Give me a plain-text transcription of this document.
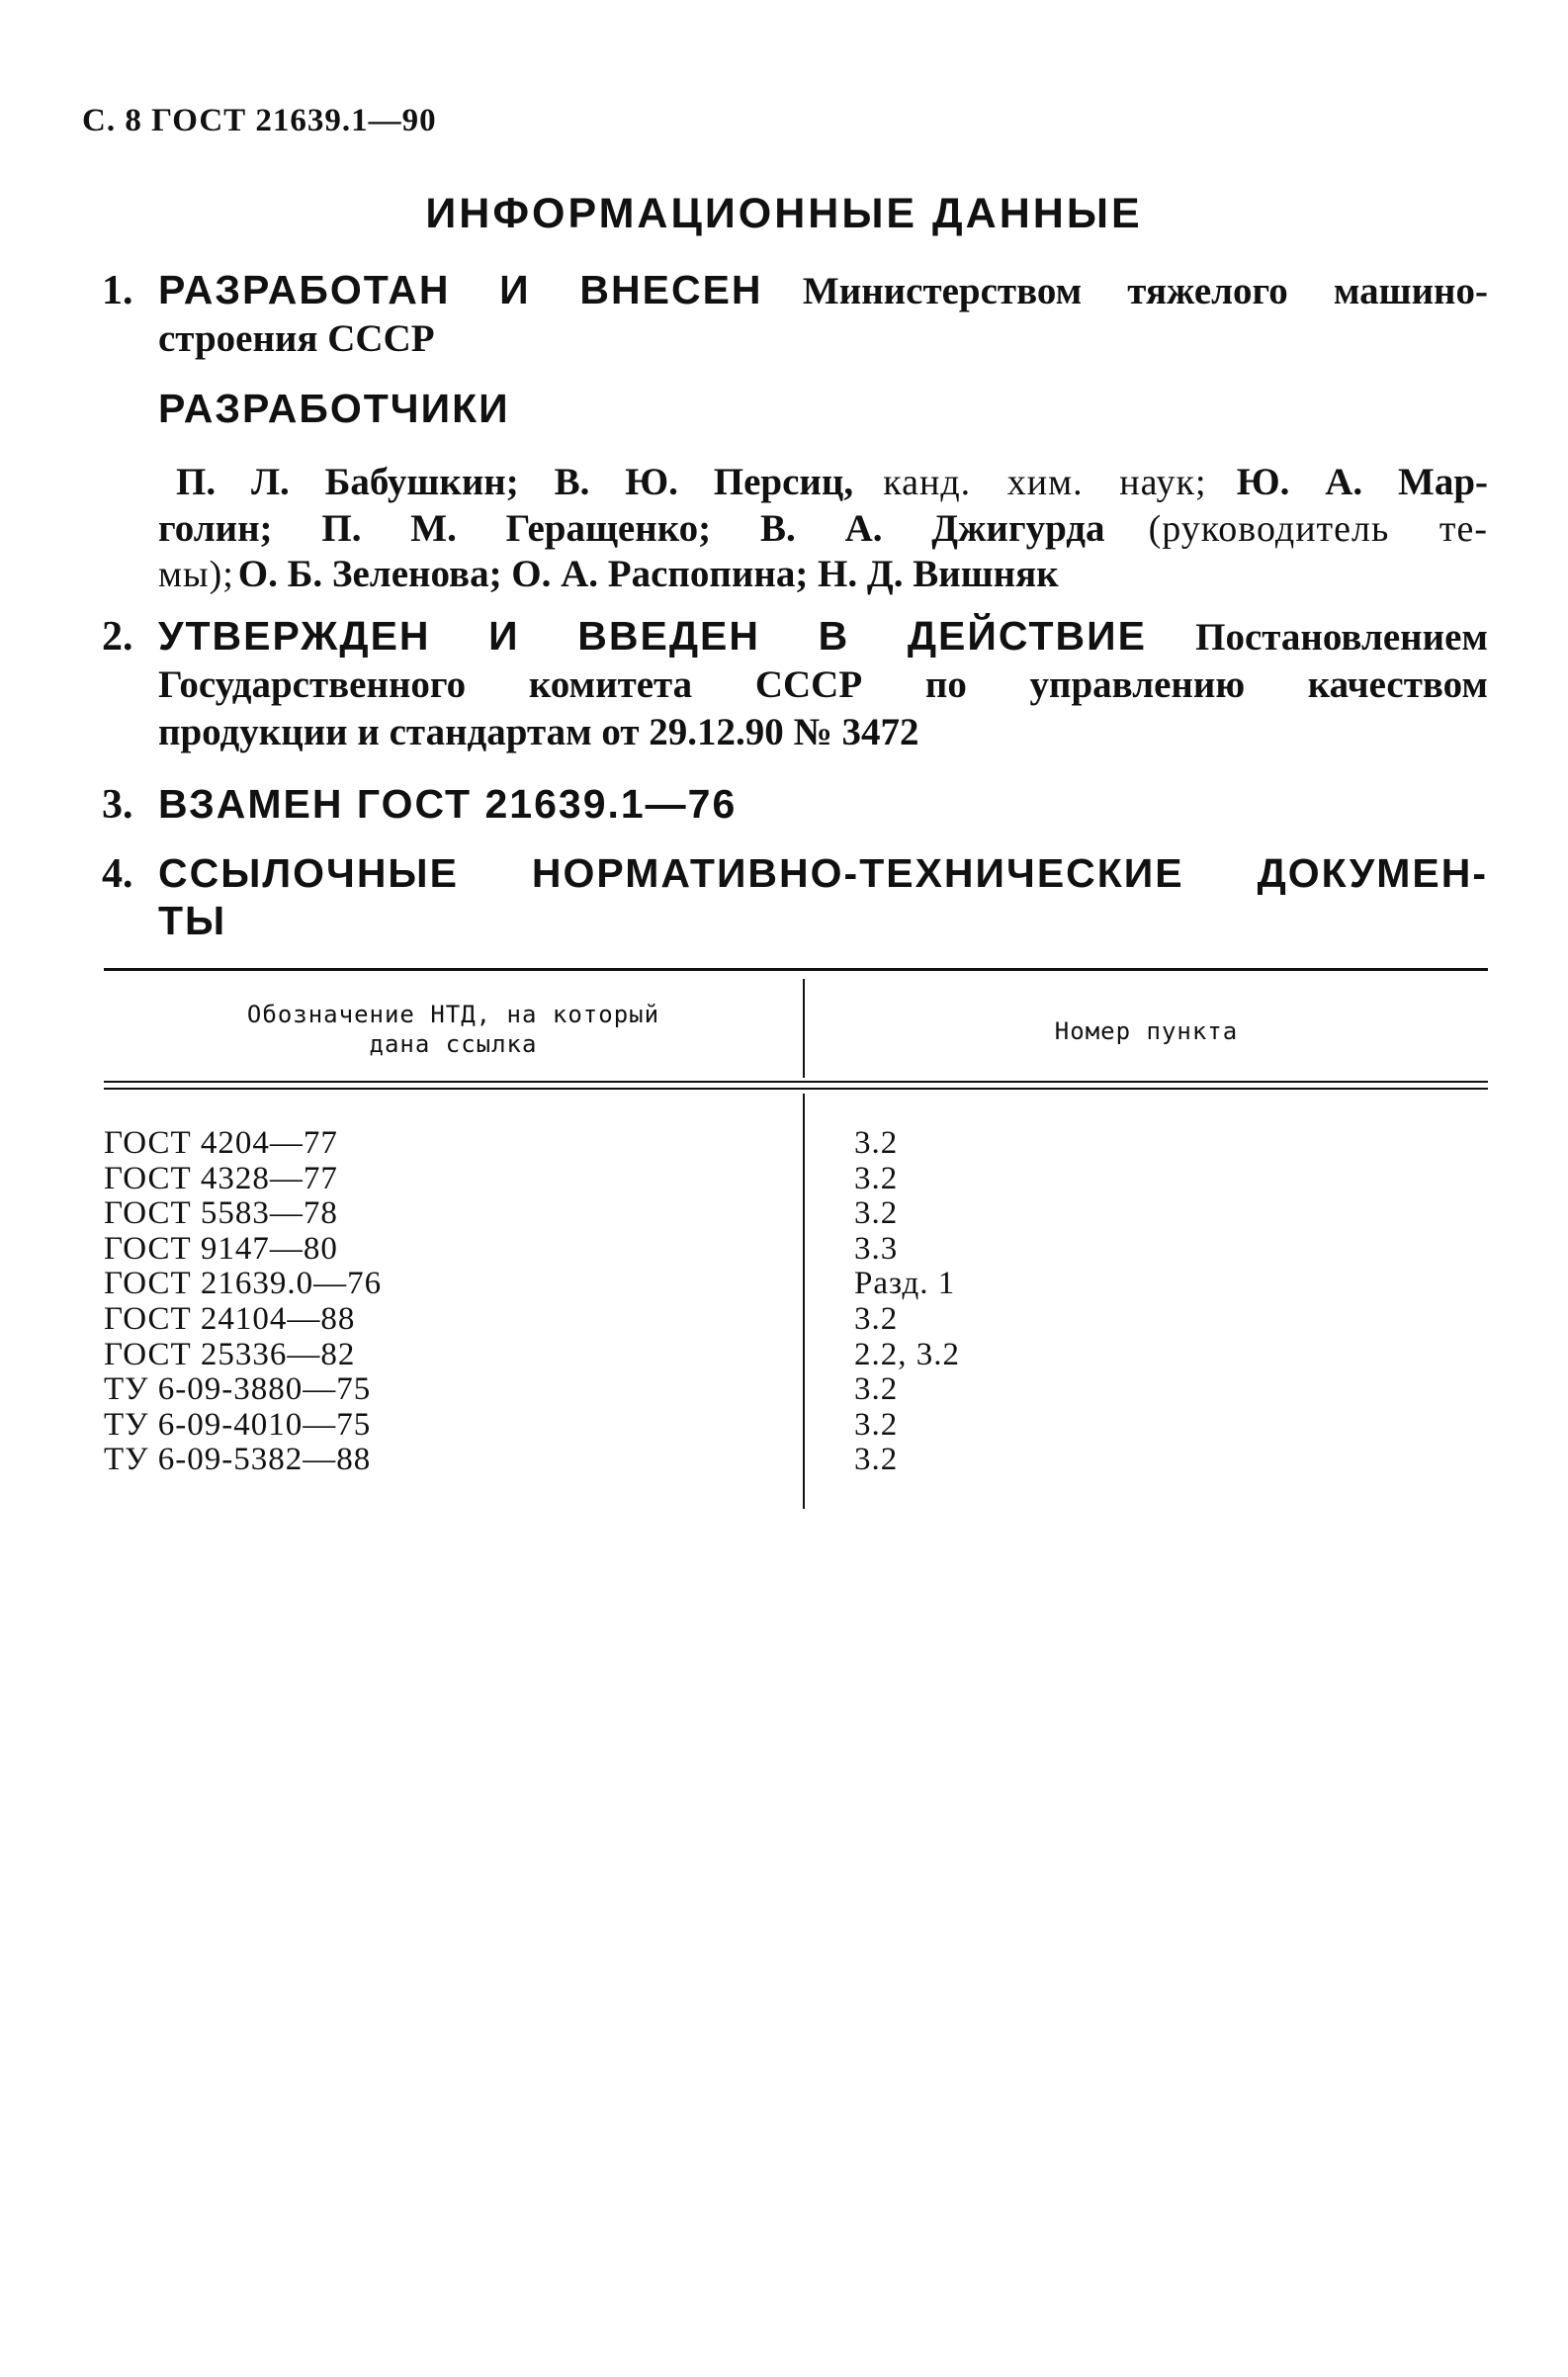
С. 8 ГОСТ 21639.1—90
ИНФОРМАЦИОННЫЕ ДАННЫЕ
1. РАЗРАБОТАН И ВНЕСЕН Министерством тяжелого машино-
строения СССР
РАЗРАБОТЧИКИ
П. Л. Бабушкин; В. Ю. Персиц, канд. хим. наук; Ю. А. Мар-
голин; П. М. Геращенко; В. А. Джигурда (руководитель те-
мы); О. Б. Зеленова; О. А. Распопина; Н. Д. Вишняк
2. УТВЕРЖДЕН И ВВЕДЕН В ДЕЙСТВИЕ Постановлением
Государственного комитета СССР по управлению качеством
продукции и стандартам от 29.12.90 № 3472
3. ВЗАМЕН ГОСТ 21639.1—76
4. ССЫЛОЧНЫЕ НОРМАТИВНО-ТЕХНИЧЕСКИЕ ДОКУМЕН-
ТЫ
Обозначение НТД, на который
дана ссылка	Номер пункта
ГОСТ 4204—77	3.2
ГОСТ 4328—77	3.2
ГОСТ 5583—78	3.2
ГОСТ 9147—80	3.3
ГОСТ 21639.0—76	Разд. 1
ГОСТ 24104—88	3.2
ГОСТ 25336—82	2.2, 3.2
ТУ 6-09-3880—75	3.2
ТУ 6-09-4010—75	3.2
ТУ 6-09-5382—88	3.2
